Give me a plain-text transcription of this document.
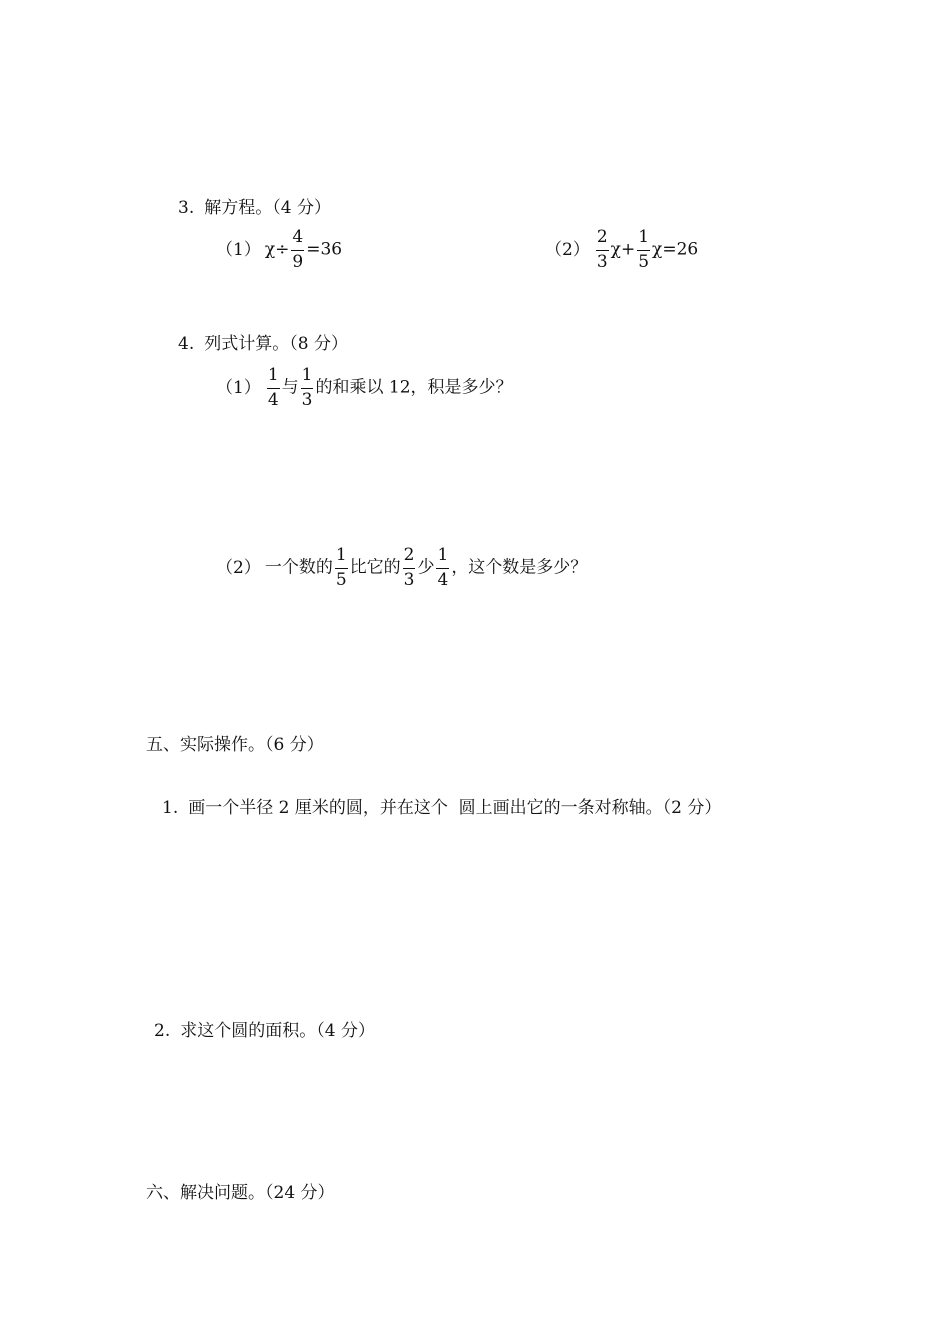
3. 解方程。（4 分）
（1） $\chi\div \frac{4}{9} =36$	$(2) \frac{2}{3} \chi+ \frac{1}{5} \chi=26$
4. 列式计算。（8 分）
$(1) \frac{1}{4}$ 与 $\frac{1}{3}$ 的和乘以 12，积是多少？
（2） 一个数的 $\frac{1}{5}$ 比它的 $\frac{2}{3}$ 少 $\frac{1}{4}$ ，这个数是多少？
五、实际操作。（6 分）
1. 画一个半径 2 厘米的圆，并在这个  圆上画出它的一条对称轴。（2 分）
2. 求这个圆的面积。（4 分）
六、解决问题。（24 分）
